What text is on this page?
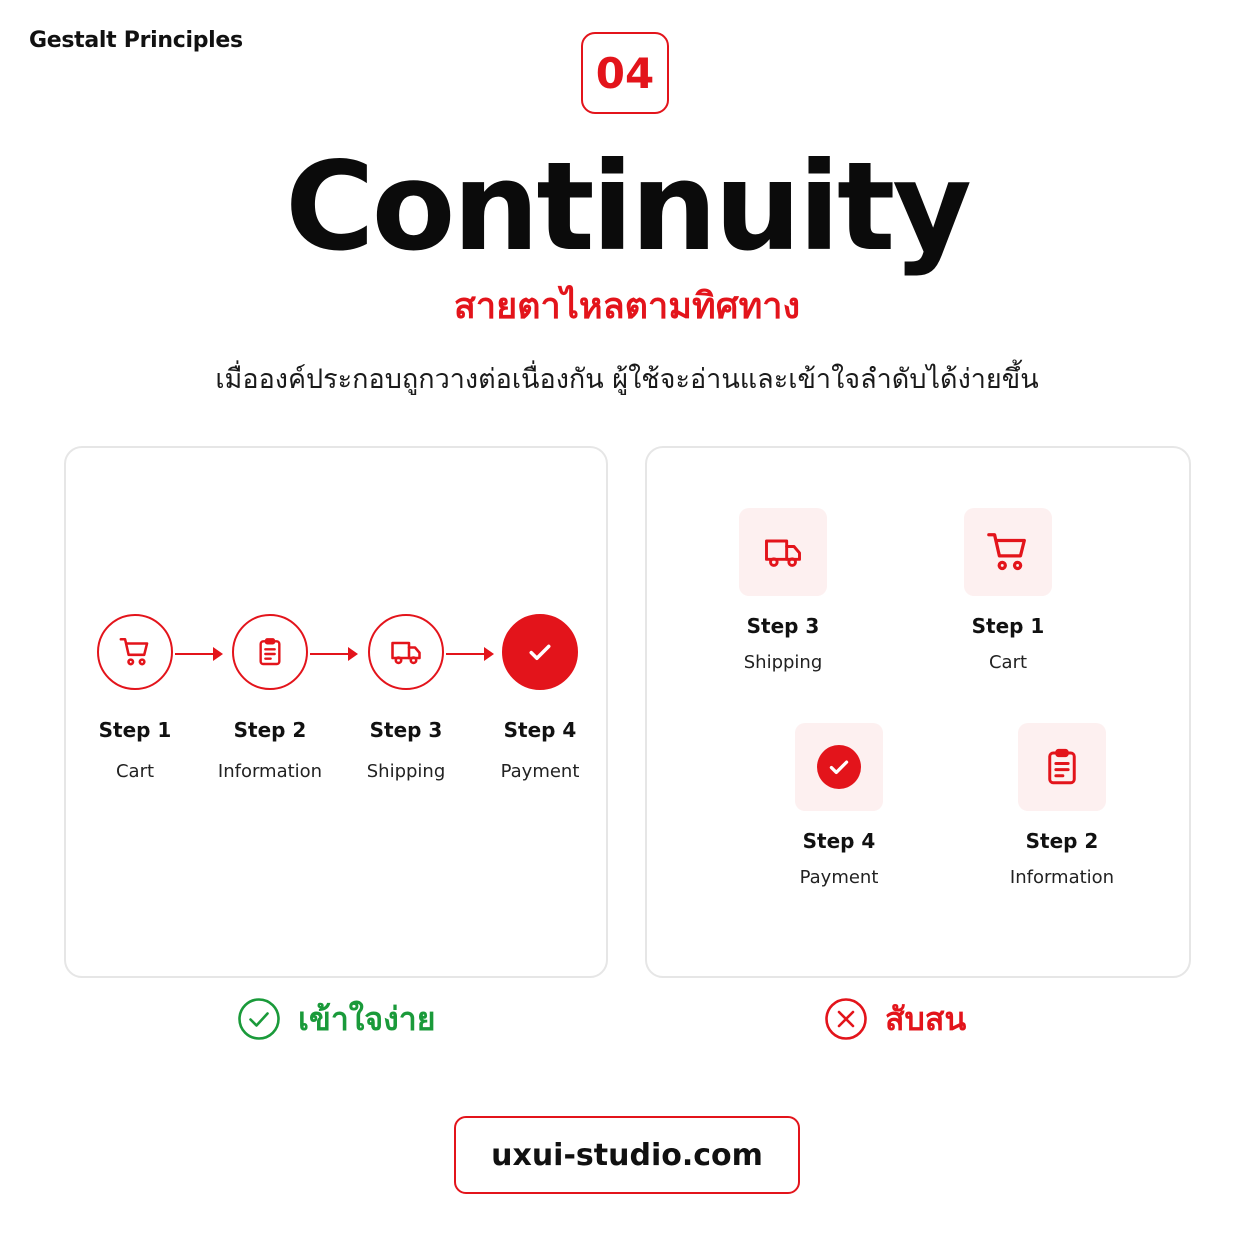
Gestalt Principles
04
Continuity
สายตาไหลตามทิศทาง
เมื่อองค์ประกอบถูกวางต่อเนื่องกัน ผู้ใช้จะอ่านและเข้าใจลำดับได้ง่ายขึ้น
Step 1
Cart
Step 2
Information
Step 3
Shipping
Step 4
Payment
Step 3
Shipping
Step 1
Cart
Step 4
Payment
Step 2
Information
เข้าใจง่าย	สับสน
uxui-studio.com
